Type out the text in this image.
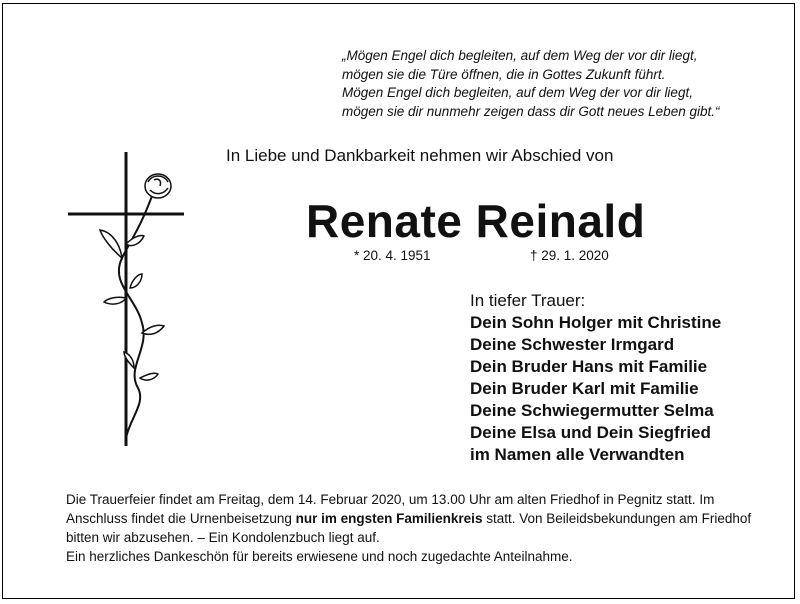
„Mögen Engel dich begleiten, auf dem Weg der vor dir liegt,
mögen sie die Türe öffnen, die in Gottes Zukunft führt.
Mögen Engel dich begleiten, auf dem Weg der vor dir liegt,
mögen sie dir nunmehr zeigen dass dir Gott neues Leben gibt.“
In Liebe und Dankbarkeit nehmen wir Abschied von
Renate Reinald
* 20. 4. 1951	† 29. 1. 2020
In tiefer Trauer:
Dein Sohn Holger mit Christine
Deine Schwester Irmgard
Dein Bruder Hans mit Familie
Dein Bruder Karl mit Familie
Deine Schwiegermutter Selma
Deine Elsa und Dein Siegfried
im Namen alle Verwandten
Die Trauerfeier findet am Freitag, dem 14. Februar 2020, um 13.00 Uhr am alten Friedhof in Pegnitz statt. Im Anschluss findet die Urnenbeisetzung nur im engsten Familienkreis statt. Von Beileidsbekundungen am Friedhof bitten wir abzusehen. – Ein Kondolenzbuch liegt auf.
Ein herzliches Dankeschön für bereits erwiesene und noch zugedachte Anteilnahme.
